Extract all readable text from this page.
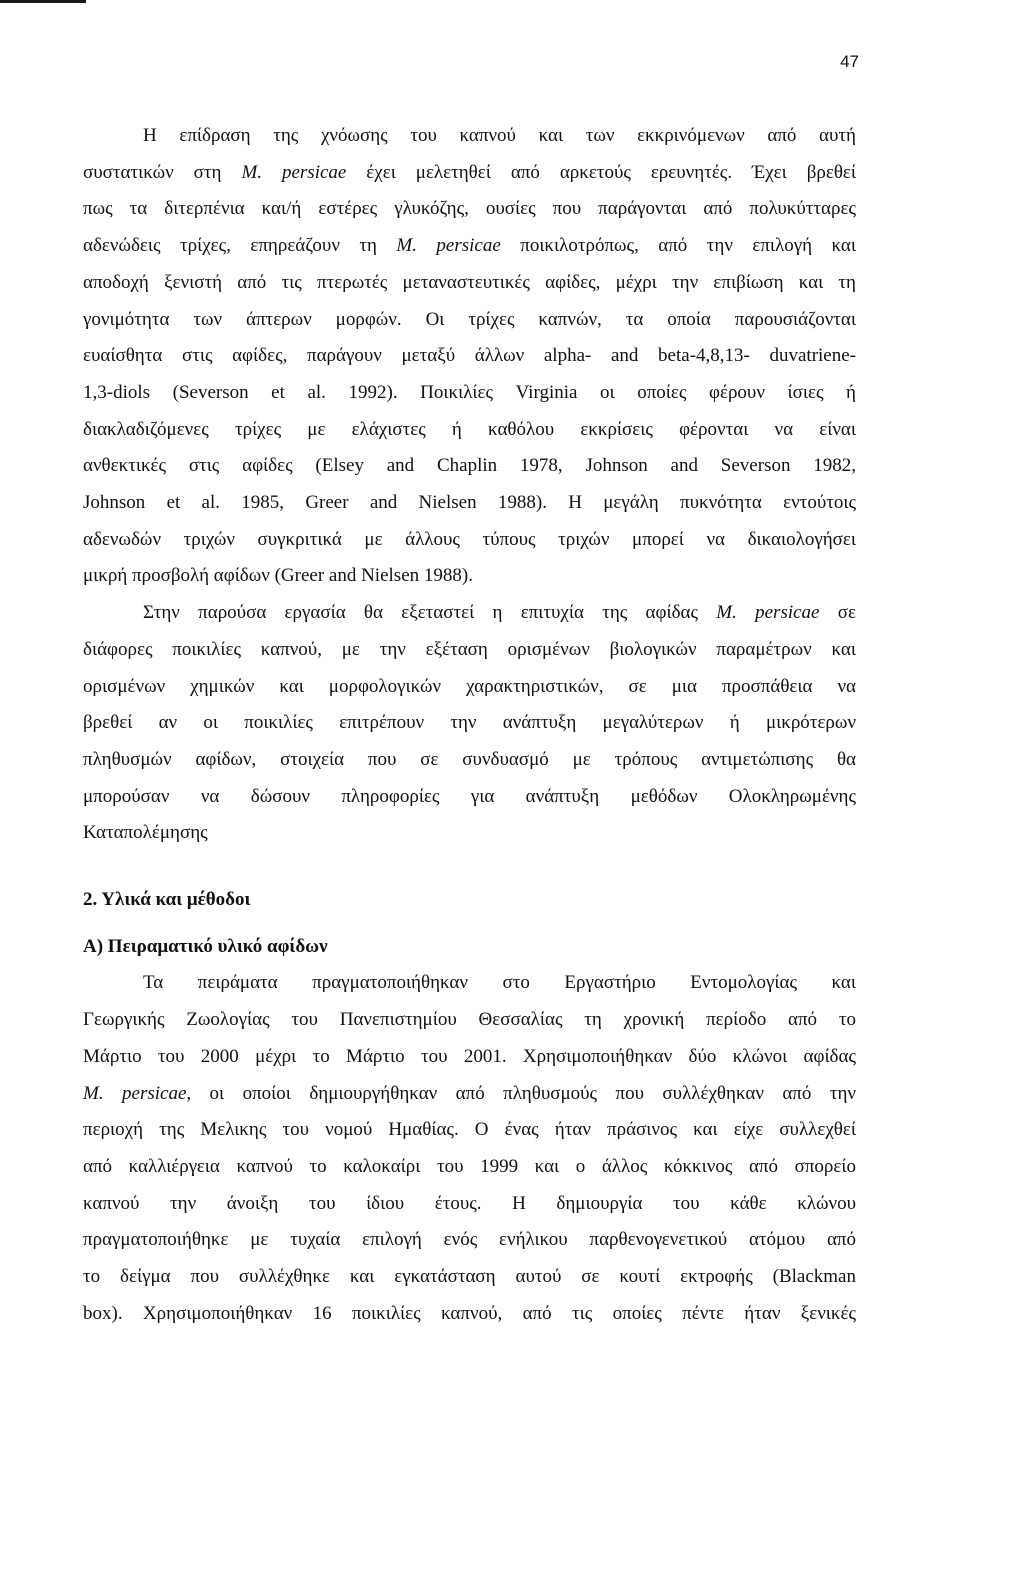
47

Η επίδραση της χνόωσης του καπνού και των εκκρινόμενων από αυτή

συστατικών στη M. persicae έχει μελετηθεί από αρκετούς ερευνητές. Έχει βρεθεί

πως τα διτερπένια και/ή εστέρες γλυκόζης, ουσίες που παράγονται από πολυκύτταρες

αδενώδεις τρίχες, επηρεάζουν τη M. persicae ποικιλοτρόπως, από την επιλογή και

αποδοχή ξενιστή από τις πτερωτές μεταναστευτικές αφίδες, μέχρι την επιβίωση και τη

γονιμότητα των άπτερων μορφών. Οι τρίχες καπνών, τα οποία παρουσιάζονται

ευαίσθητα στις αφίδες, παράγουν μεταξύ άλλων alpha- and beta-4,8,13- duvatriene-

1,3-diols (Severson et al. 1992). Ποικιλίες Virginia οι οποίες φέρουν ίσιες ή

διακλαδιζόμενες τρίχες με ελάχιστες ή καθόλου εκκρίσεις φέρονται να είναι

ανθεκτικές στις αφίδες (Elsey and Chaplin 1978, Johnson and Severson 1982,

Johnson et al. 1985, Greer and Nielsen 1988). Η μεγάλη πυκνότητα εντούτοις

αδενωδών τριχών συγκριτικά με άλλους τύπους τριχών μπορεί να δικαιολογήσει

μικρή προσβολή αφίδων (Greer and Nielsen 1988).

Στην παρούσα εργασία θα εξεταστεί η επιτυχία της αφίδας M. persicae σε

διάφορες ποικιλίες καπνού, με την εξέταση ορισμένων βιολογικών παραμέτρων και

ορισμένων χημικών και μορφολογικών χαρακτηριστικών, σε μια προσπάθεια να

βρεθεί αν οι ποικιλίες επιτρέπουν την ανάπτυξη μεγαλύτερων ή μικρότερων

πληθυσμών αφίδων, στοιχεία που σε συνδυασμό με τρόπους αντιμετώπισης θα

μπορούσαν να δώσουν πληροφορίες για ανάπτυξη μεθόδων Ολοκληρωμένης

Καταπολέμησης

2. Υλικά και μέθοδοι

Α) Πειραματικό υλικό αφίδων

Τα πειράματα πραγματοποιήθηκαν στο Εργαστήριο Εντομολογίας και

Γεωργικής Ζωολογίας του Πανεπιστημίου Θεσσαλίας τη χρονική περίοδο από το

Μάρτιο του 2000 μέχρι το Μάρτιο του 2001. Χρησιμοποιήθηκαν δύο κλώνοι αφίδας

M. persicae, οι οποίοι δημιουργήθηκαν από πληθυσμούς που συλλέχθηκαν από την

περιοχή της Μελικης του νομού Ημαθίας. Ο ένας ήταν πράσινος και είχε συλλεχθεί

από καλλιέργεια καπνού το καλοκαίρι του 1999 και ο άλλος κόκκινος από σπορείο

καπνού την άνοιξη του ίδιου έτους. Η δημιουργία του κάθε κλώνου

πραγματοποιήθηκε με τυχαία επιλογή ενός ενήλικου παρθενογενετικού ατόμου από

το δείγμα που συλλέχθηκε και εγκατάσταση αυτού σε κουτί εκτροφής (Blackman

box). Χρησιμοποιήθηκαν 16 ποικιλίες καπνού, από τις οποίες πέντε ήταν ξενικές
